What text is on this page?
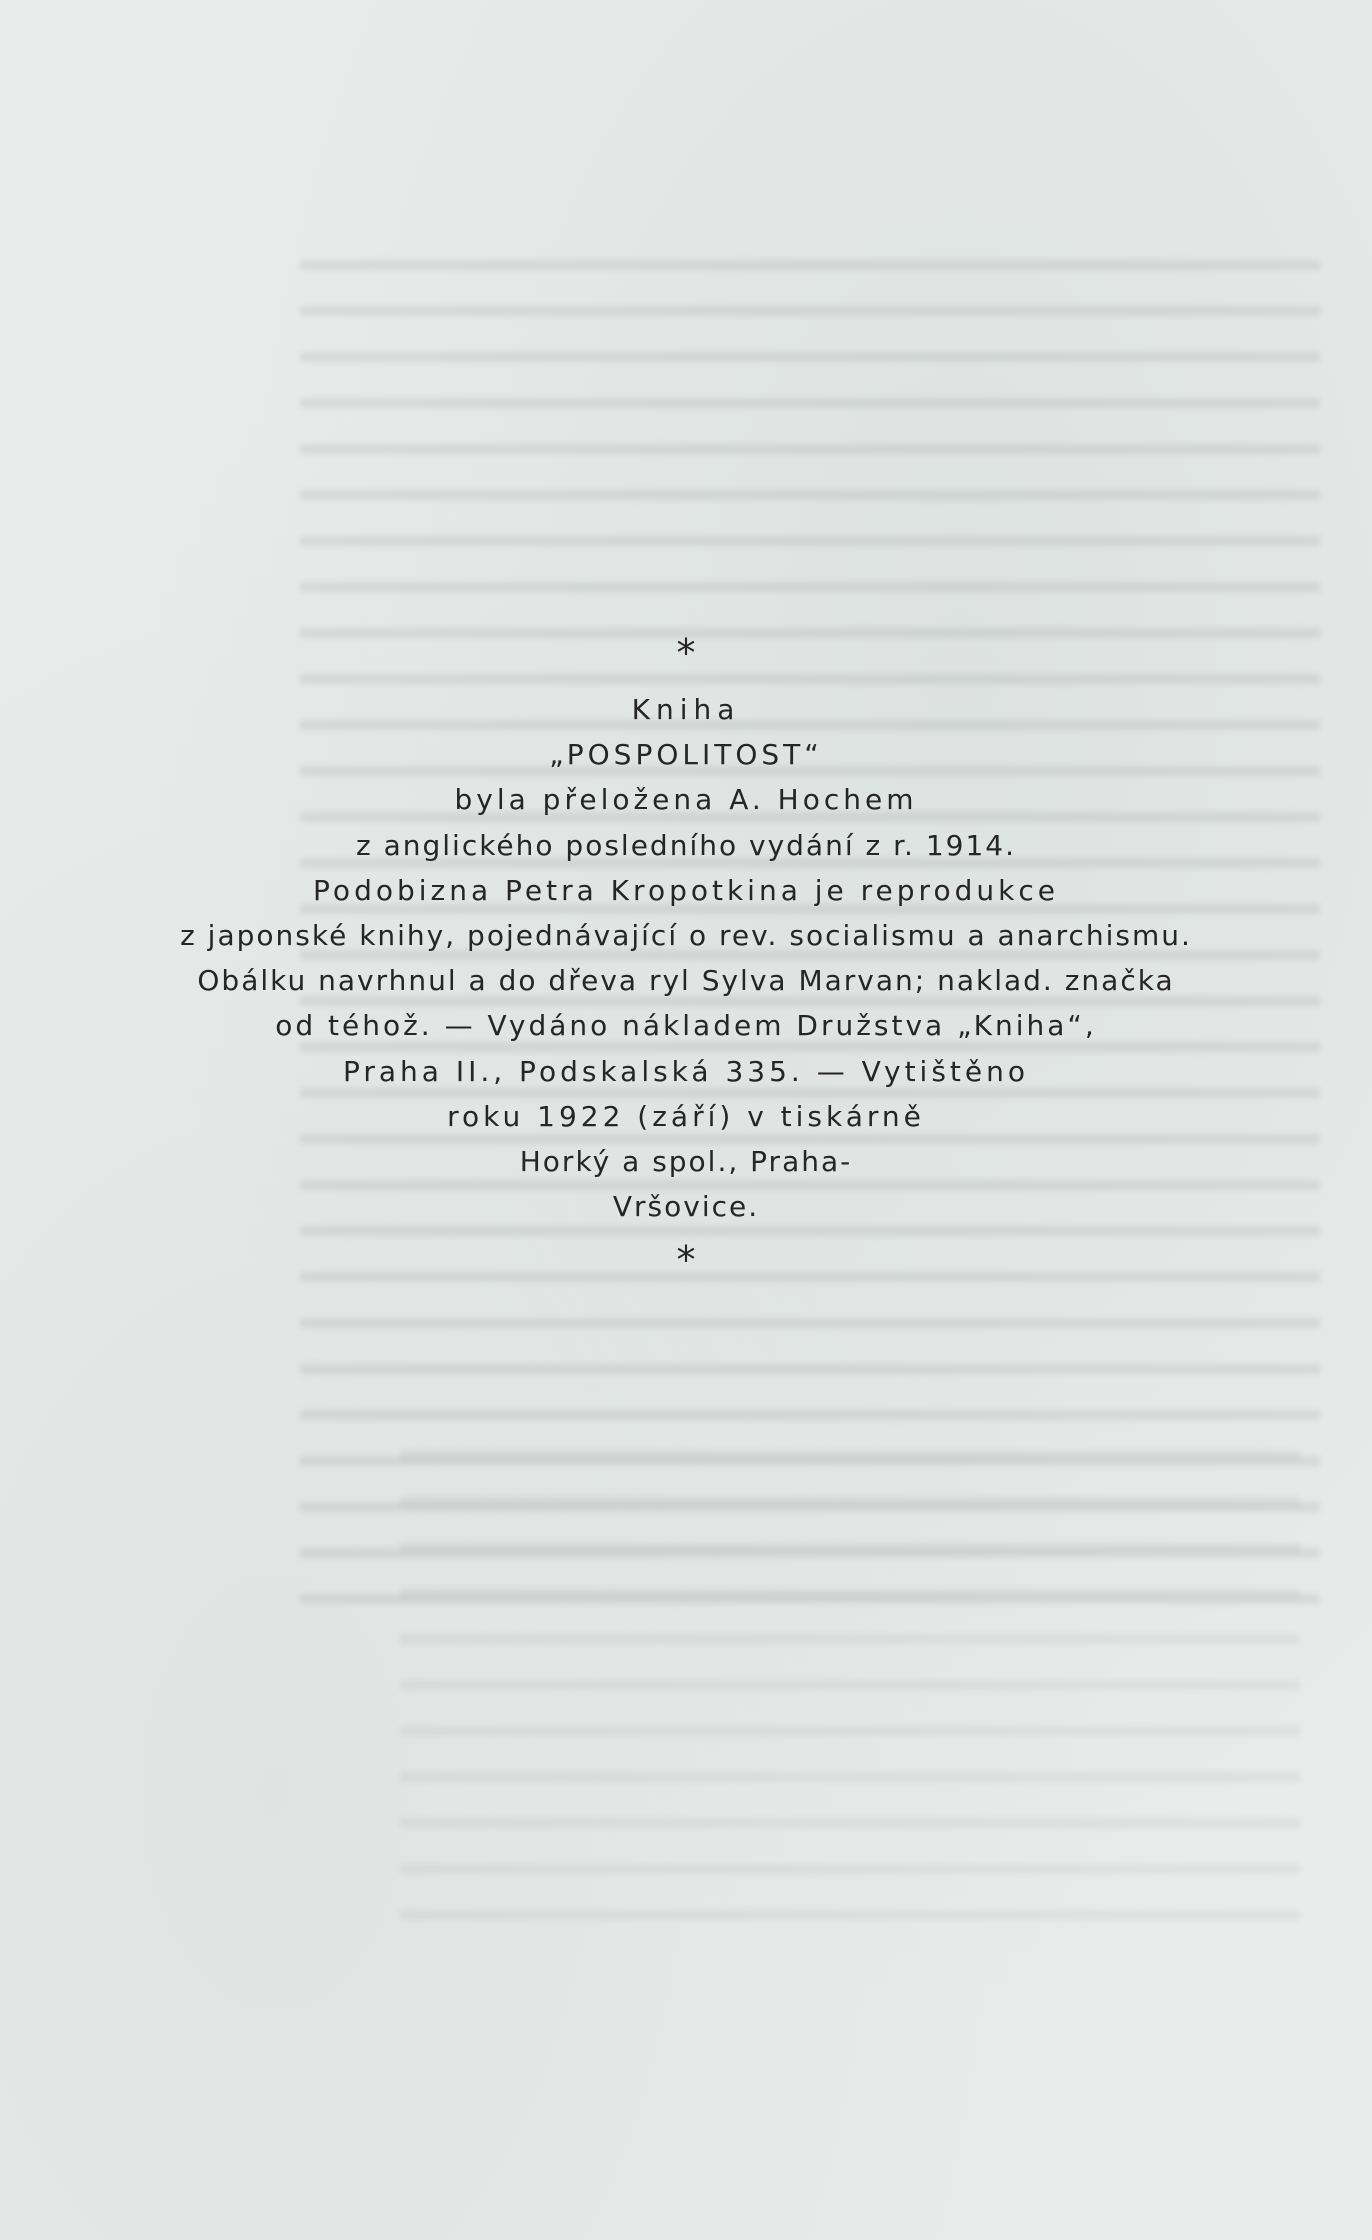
*
Kniha
„POSPOLITOST“
byla přeložena A. Hochem
z anglického posledního vydání z r. 1914.
Podobizna Petra Kropotkina je reprodukce
z japonské knihy, pojednávající o rev. socialismu a anarchismu.
Obálku navrhnul a do dřeva ryl Sylva Marvan; naklad. značka
od téhož. — Vydáno nákladem Družstva „Kniha“,
Praha II., Podskalská 335. — Vytištěno
roku 1922 (září) v tiskárně
Horký a spol., Praha-
Vršovice.
*
